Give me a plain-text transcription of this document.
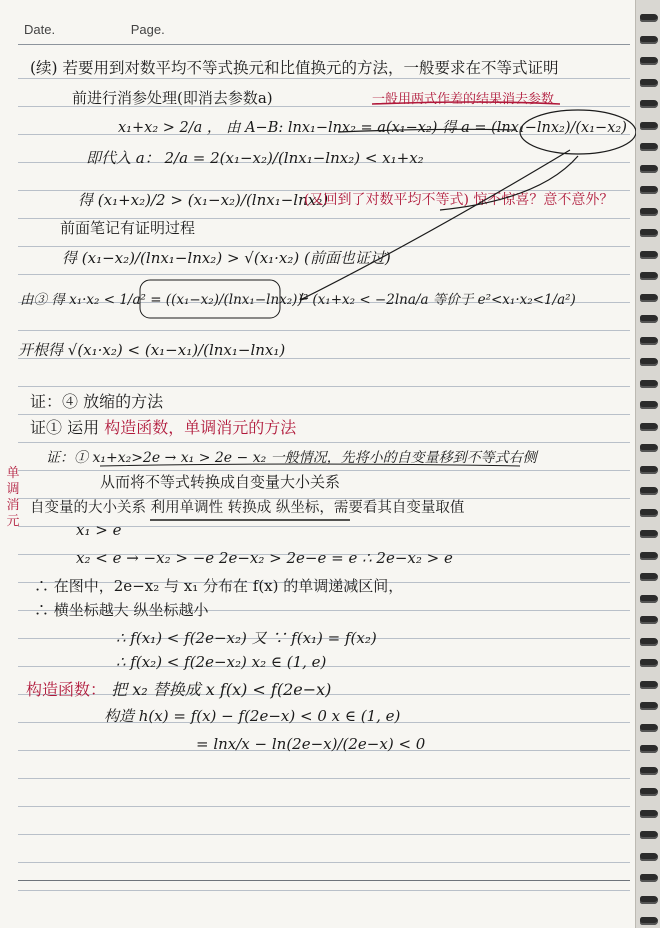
Date.	Page.
单调消元
(续) 若要用到对数平均不等式换元和比值换元的方法，一般要求在不等式证明
前进行消参处理(即消去参数a)	一般用两式作差的结果消去参数
x₁+x₂ > 2/a ， 由 A−B: lnx₁−lnx₂ = a(x₁−x₂) 得 a = (lnx₁−lnx₂)/(x₁−x₂)
即代入 a： 2/a = 2(x₁−x₂)/(lnx₁−lnx₂) < x₁+x₂
得 (x₁+x₂)/2 > (x₁−x₂)/(lnx₁−lnx₂)
(又回到了对数平均不等式) 惊不惊喜？意不意外？
前面笔记有证明过程
得 (x₁−x₂)/(lnx₁−lnx₂) > √(x₁·x₂) (前面也证过)
由③ 得 x₁·x₂ < 1/a² = ((x₁−x₂)/(lnx₁−lnx₂))² (x₁+x₂ < −2lna/a 等价于 e²<x₁·x₂<1/a²)
开根得 √(x₁·x₂) < (x₁−x₁)/(lnx₁−lnx₁)
证：④ 放缩的方法
证① 运用 构造函数，单调消元的方法
证：① x₁+x₂>2e → x₁ > 2e − x₂ 一般情况，先将小的自变量移到不等式右侧
从而将不等式转换成自变量大小关系
自变量的大小关系 利用单调性 转换成 纵坐标，需要看其自变量取值
x₁ > e
x₂ < e → −x₂ > −e 2e−x₂ > 2e−e = e ∴ 2e−x₂ > e
∴ 在图中，2e−x₂ 与 x₁ 分布在 f(x) 的单调递减区间，
∴ 横坐标越大 纵坐标越小
∴ f(x₁) < f(2e−x₂) 又 ∵ f(x₁) = f(x₂)
∴ f(x₂) < f(2e−x₂) x₂ ∈ (1, e)
构造函数： 把 x₂ 替换成 x f(x) < f(2e−x)
构造 h(x) = f(x) − f(2e−x) < 0 x ∈ (1, e)
= lnx/x − ln(2e−x)/(2e−x) < 0
